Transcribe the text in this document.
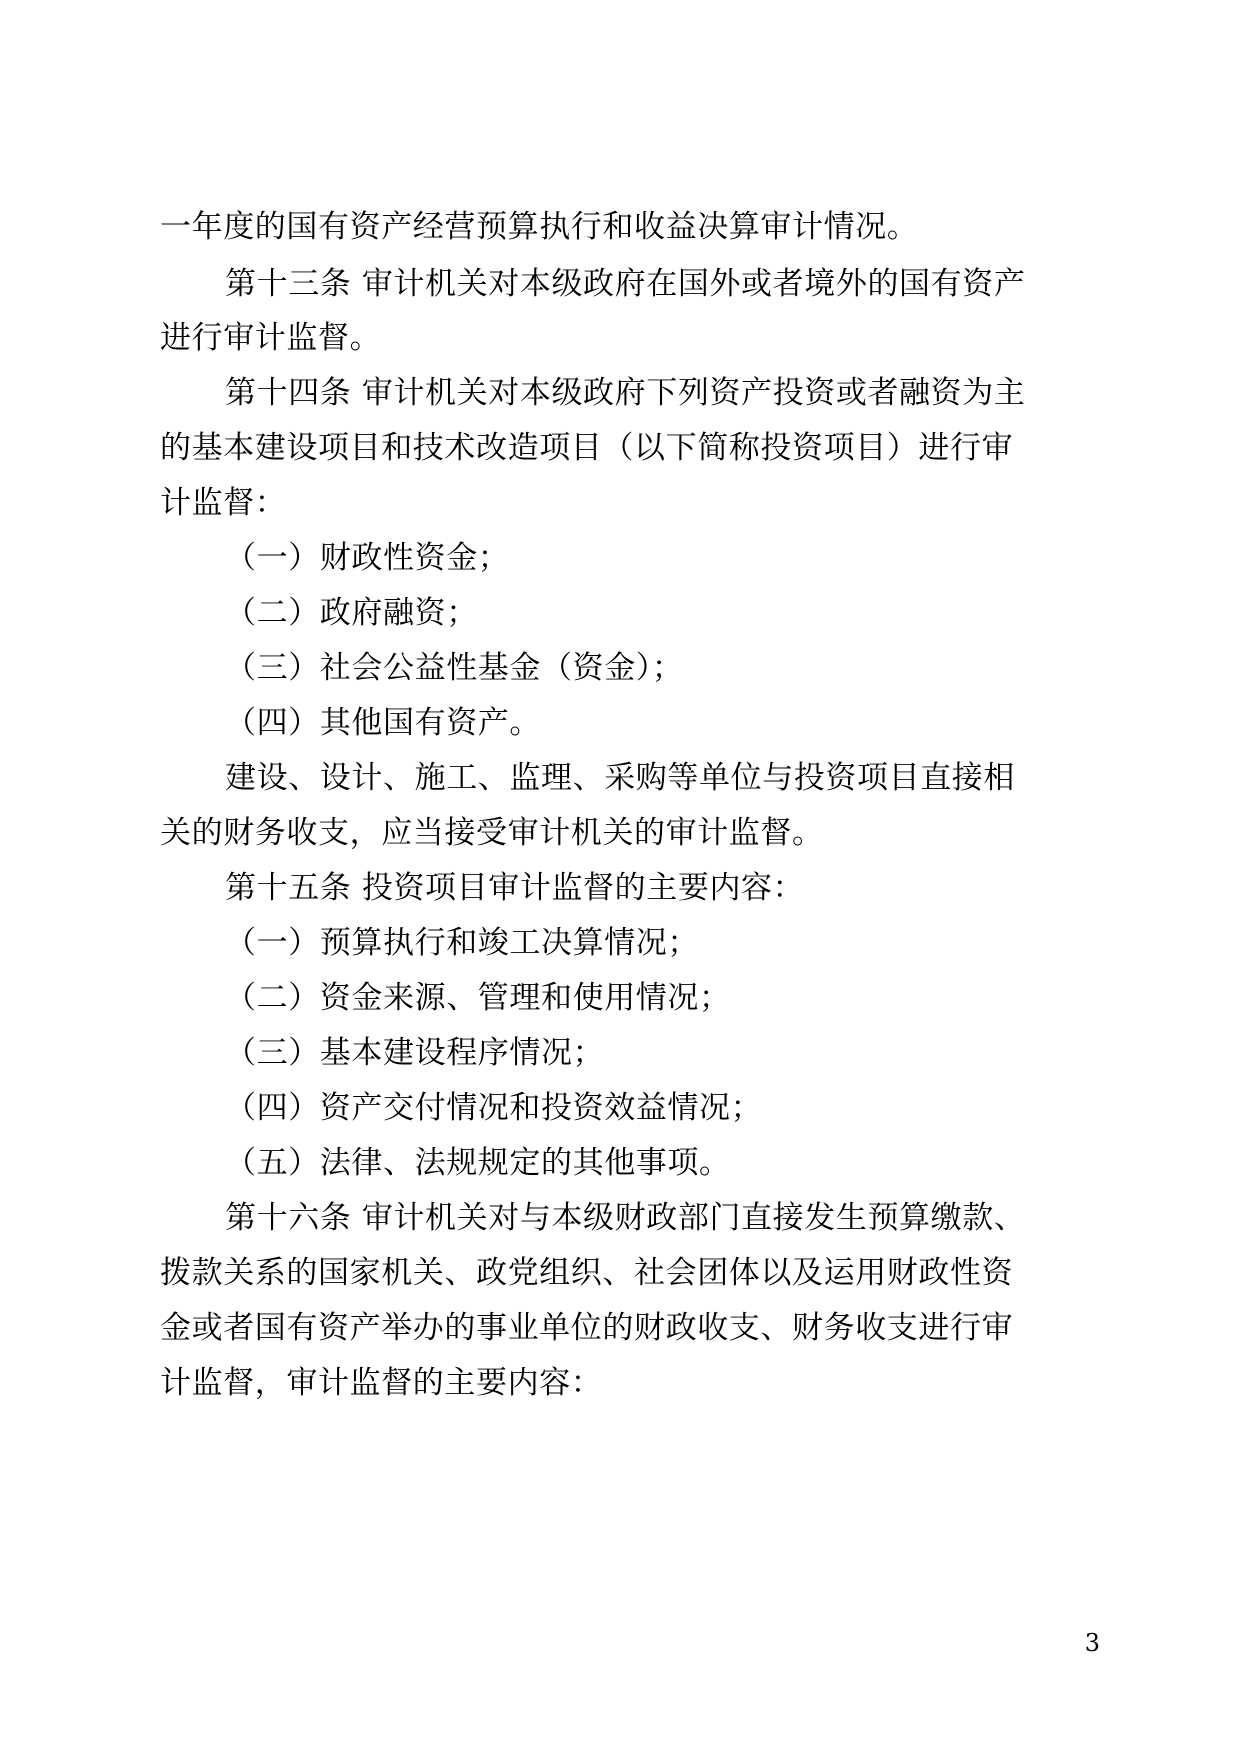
一年度的国有资产经营预算执行和收益决算审计情况。
第十三条 审计机关对本级政府在国外或者境外的国有资产
进行审计监督。
第十四条 审计机关对本级政府下列资产投资或者融资为主
的基本建设项目和技术改造项目（以下简称投资项目）进行审
计监督：
（一）财政性资金；
（二）政府融资；
（三）社会公益性基金（资金）；
（四）其他国有资产。
建设、设计、施工、监理、采购等单位与投资项目直接相
关的财务收支，应当接受审计机关的审计监督。
第十五条 投资项目审计监督的主要内容：
（一）预算执行和竣工决算情况；
（二）资金来源、管理和使用情况；
（三）基本建设程序情况；
（四）资产交付情况和投资效益情况；
（五）法律、法规规定的其他事项。
第十六条 审计机关对与本级财政部门直接发生预算缴款、
拨款关系的国家机关、政党组织、社会团体以及运用财政性资
金或者国有资产举办的事业单位的财政收支、财务收支进行审
计监督，审计监督的主要内容：
3
